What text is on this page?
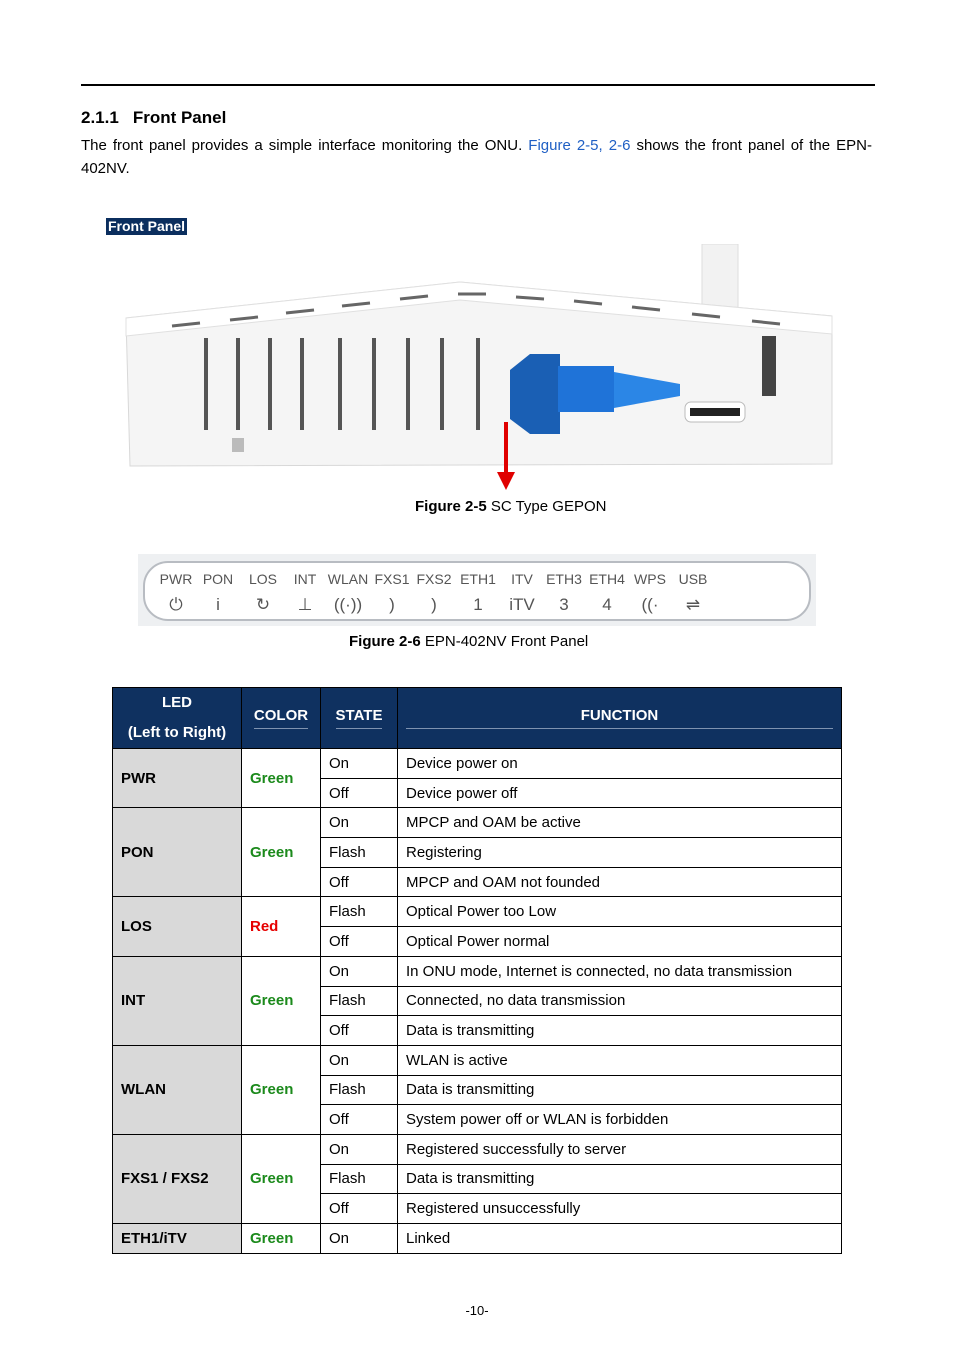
2.1.1 Front Panel
The front panel provides a simple interface monitoring the ONU. Figure 2-5, 2-6 shows the front panel of the EPN-402NV.
Front Panel
Figure 2-5 SC Type GEPON
PWR PON LOS INT WLAN FXS1 FXS2 ETH1 ITV ETH3 ETH4 WPS USB
⏻ i ↻ ⊥ ((·)) ) ) 1 iTV 3 4 ((· ⇌
Figure 2-6 EPN-402NV Front Panel
LED
(Left to Right)	COLOR	STATE	FUNCTION

PWR	Green	On	Device power on
		Off	Device power off
PON	Green	On	MPCP and OAM be active
		Flash	Registering
		Off	MPCP and OAM not founded
LOS	Red	Flash	Optical Power too Low
		Off	Optical Power normal
INT	Green	On	In ONU mode, Internet is connected, no data transmission
		Flash	Connected, no data transmission
		Off	Data is transmitting
WLAN	Green	On	WLAN is active
		Flash	Data is transmitting
		Off	System power off or WLAN is forbidden
FXS1 / FXS2	Green	On	Registered successfully to server
		Flash	Data is transmitting
		Off	Registered unsuccessfully
ETH1/iTV	Green	On	Linked
-10-
